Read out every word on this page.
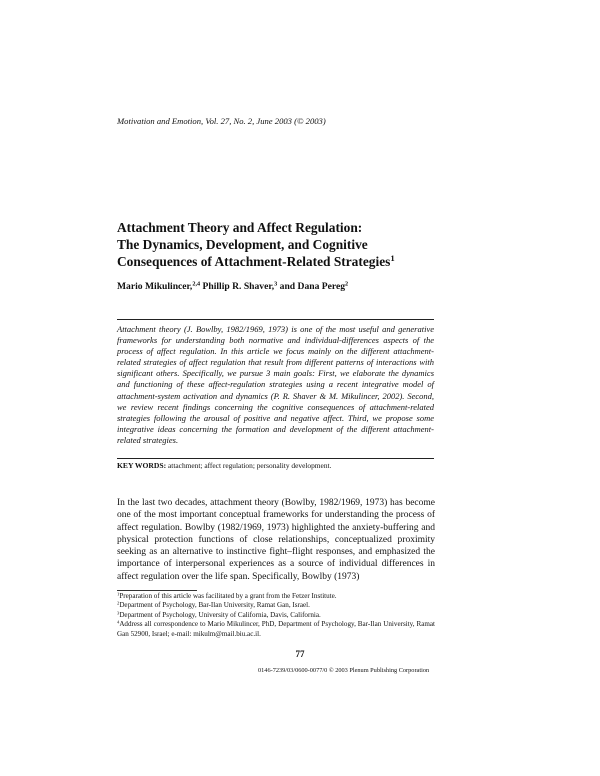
Motivation and Emotion, Vol. 27, No. 2, June 2003 (© 2003)
Attachment Theory and Affect Regulation:
The Dynamics, Development, and Cognitive
Consequences of Attachment-Related Strategies$^1$
Mario Mikulincer,$^{2,4}$ Phillip R. Shaver,$^3$ and Dana Pereg$^2$
Attachment theory (J. Bowlby, 1982/1969, 1973) is one of the most useful and generative frameworks for understanding both normative and individual-differences aspects of the process of affect regulation. In this article we focus mainly on the different attachment-related strategies of affect regulation that result from different patterns of interactions with significant others. Specifically, we pursue 3 main goals: First, we elaborate the dynamics and functioning of these affect-regulation strategies using a recent integrative model of attachment-system activation and dynamics (P. R. Shaver & M. Mikulincer, 2002). Second, we review recent findings concerning the cognitive consequences of attachment-related strategies following the arousal of positive and negative affect. Third, we propose some integrative ideas concerning the formation and development of the different attachment-related strategies.
KEY WORDS: attachment; affect regulation; personality development.
In the last two decades, attachment theory (Bowlby, 1982/1969, 1973) has become one of the most important conceptual frameworks for understanding the process of affect regulation. Bowlby (1982/1969, 1973) highlighted the anxiety-buffering and physical protection functions of close relationships, conceptualized proximity seeking as an alternative to instinctive fight–flight responses, and emphasized the importance of interpersonal experiences as a source of individual differences in affect regulation over the life span. Specifically, Bowlby (1973)
$^1$Preparation of this article was facilitated by a grant from the Fetzer Institute.
$^2$Department of Psychology, Bar-Ilan University, Ramat Gan, Israel.
$^3$Department of Psychology, University of California, Davis, California.
$^4$Address all correspondence to Mario Mikulincer, PhD, Department of Psychology, Bar-Ilan University, Ramat Gan 52900, Israel; e-mail: mikulm@mail.biu.ac.il.
77
0146-7239/03/0600-0077/0 © 2003 Plenum Publishing Corporation
